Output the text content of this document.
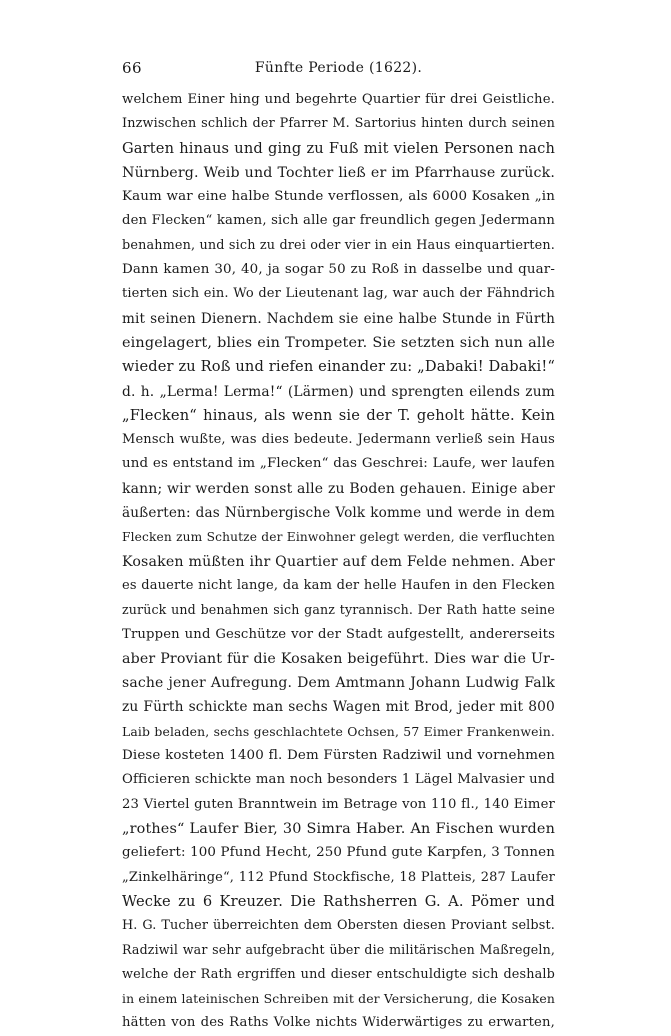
66	Fünfte Periode (1622).
welchem Einer hing und begehrte Quartier für drei Geistliche.
Inzwischen schlich der Pfarrer M. Sartorius hinten durch seinen
Garten hinaus und ging zu Fuß mit vielen Personen nach
Nürnberg. Weib und Tochter ließ er im Pfarrhause zurück.
Kaum war eine halbe Stunde verflossen, als 6000 Kosaken „in
den Flecken“ kamen, sich alle gar freundlich gegen Jedermann
benahmen, und sich zu drei oder vier in ein Haus einquartierten.
Dann kamen 30, 40, ja sogar 50 zu Roß in dasselbe und quar-
tierten sich ein. Wo der Lieutenant lag, war auch der Fähndrich
mit seinen Dienern. Nachdem sie eine halbe Stunde in Fürth
eingelagert, blies ein Trompeter. Sie setzten sich nun alle
wieder zu Roß und riefen einander zu: „Dabaki! Dabaki!“
d. h. „Lerma! Lerma!“ (Lärmen) und sprengten eilends zum
„Flecken“ hinaus, als wenn sie der T. geholt hätte. Kein
Mensch wußte, was dies bedeute. Jedermann verließ sein Haus
und es entstand im „Flecken“ das Geschrei: Laufe, wer laufen
kann; wir werden sonst alle zu Boden gehauen. Einige aber
äußerten: das Nürnbergische Volk komme und werde in dem
Flecken zum Schutze der Einwohner gelegt werden, die verfluchten
Kosaken müßten ihr Quartier auf dem Felde nehmen. Aber
es dauerte nicht lange, da kam der helle Haufen in den Flecken
zurück und benahmen sich ganz tyrannisch. Der Rath hatte seine
Truppen und Geschütze vor der Stadt aufgestellt, andererseits
aber Proviant für die Kosaken beigeführt. Dies war die Ur-
sache jener Aufregung. Dem Amtmann Johann Ludwig Falk
zu Fürth schickte man sechs Wagen mit Brod, jeder mit 800
Laib beladen, sechs geschlachtete Ochsen, 57 Eimer Frankenwein.
Diese kosteten 1400 fl. Dem Fürsten Radziwil und vornehmen
Officieren schickte man noch besonders 1 Lägel Malvasier und
23 Viertel guten Branntwein im Betrage von 110 fl., 140 Eimer
„rothes“ Laufer Bier, 30 Simra Haber. An Fischen wurden
geliefert: 100 Pfund Hecht, 250 Pfund gute Karpfen, 3 Tonnen
„Zinkelhäringe“, 112 Pfund Stockfische, 18 Platteis, 287 Laufer
Wecke zu 6 Kreuzer. Die Rathsherren G. A. Pömer und
H. G. Tucher überreichten dem Obersten diesen Proviant selbst.
Radziwil war sehr aufgebracht über die militärischen Maßregeln,
welche der Rath ergriffen und dieser entschuldigte sich deshalb
in einem lateinischen Schreiben mit der Versicherung, die Kosaken
hätten von des Raths Volke nichts Widerwärtiges zu erwarten,
